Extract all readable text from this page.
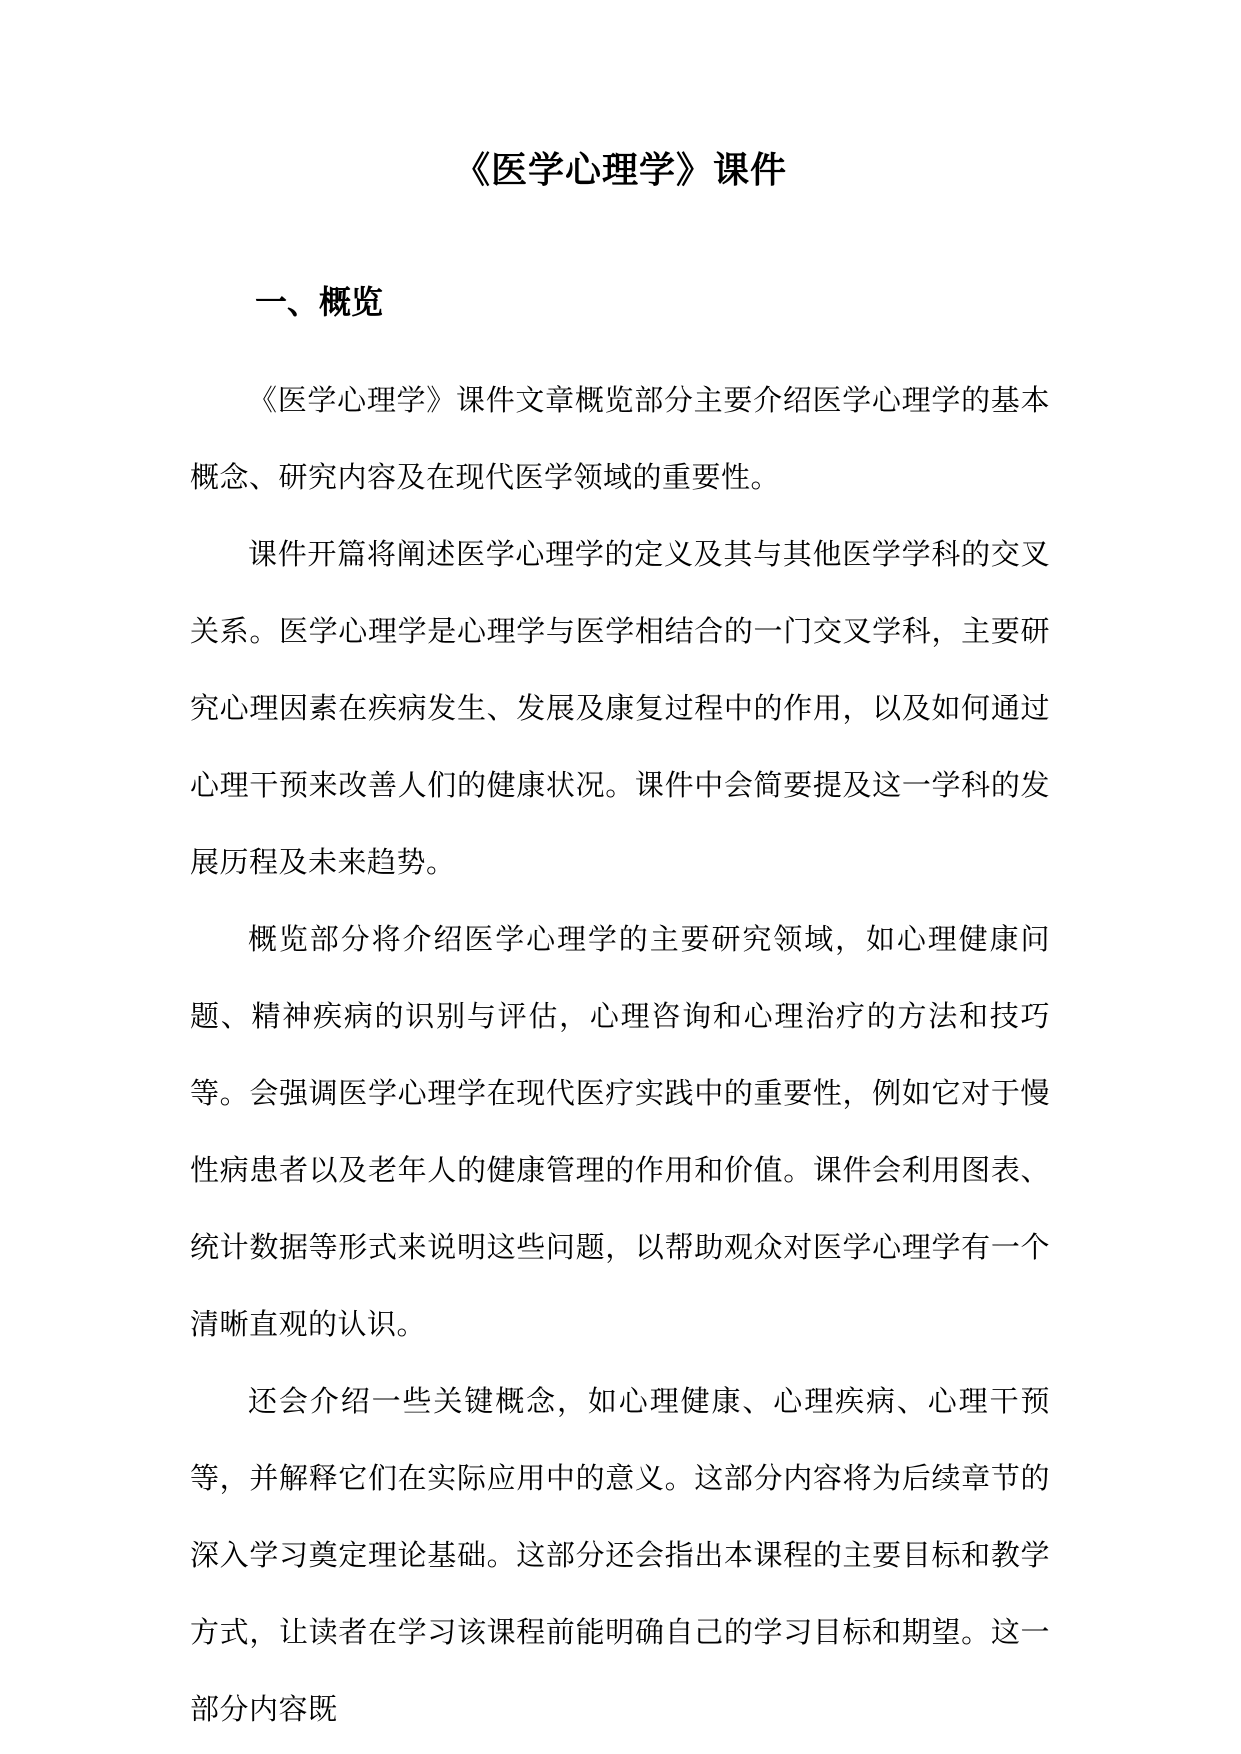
《医学心理学》课件
一、概览

《医学心理学》课件文章概览部分主要介绍医学心理学的基本概念、研究内容及在现代医学领域的重要性。

课件开篇将阐述医学心理学的定义及其与其他医学学科的交叉关系。医学心理学是心理学与医学相结合的一门交叉学科，主要研究心理因素在疾病发生、发展及康复过程中的作用，以及如何通过心理干预来改善人们的健康状况。课件中会简要提及这一学科的发展历程及未来趋势。

概览部分将介绍医学心理学的主要研究领域，如心理健康问题、精神疾病的识别与评估，心理咨询和心理治疗的方法和技巧等。会强调医学心理学在现代医疗实践中的重要性，例如它对于慢性病患者以及老年人的健康管理的作用和价值。课件会利用图表、统计数据等形式来说明这些问题，以帮助观众对医学心理学有一个清晰直观的认识。

还会介绍一些关键概念，如心理健康、心理疾病、心理干预等，并解释它们在实际应用中的意义。这部分内容将为后续章节的深入学习奠定理论基础。这部分还会指出本课程的主要目标和教学方式，让读者在学习该课程前能明确自己的学习目标和期望。这一部分内容既
